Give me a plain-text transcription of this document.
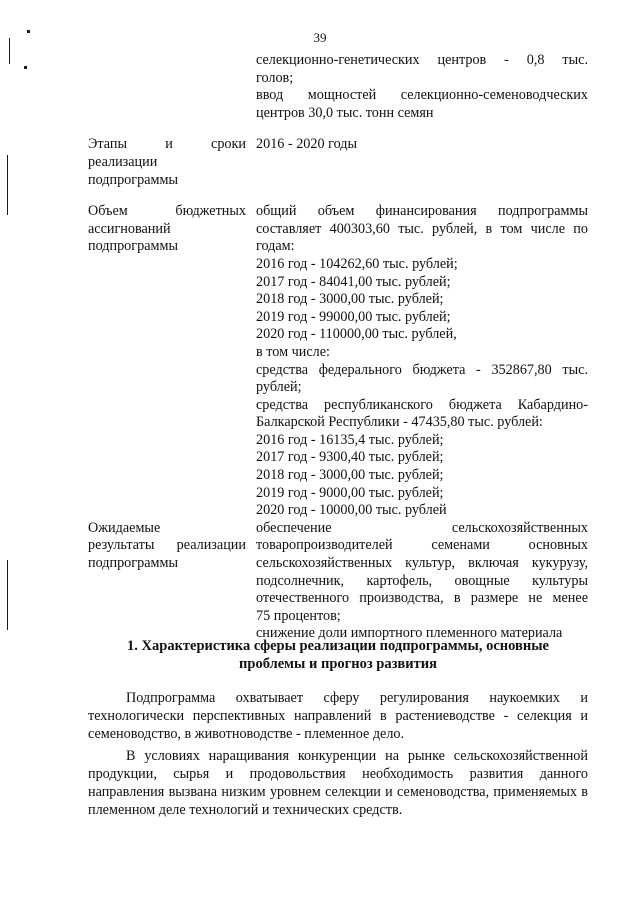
39

селекционно-генетических центров - 0,8 тыс.

голов;

ввод мощностей селекционно-семеноводческих

центров 30,0 тыс. тонн семян

Этапы и сроки
реализации
подпрограммы

2016 - 2020 годы

Объем бюджетных
ассигнований
подпрограммы

общий объем финансирования подпрограммы

составляет 400303,60 тыс. рублей, в том числе по

годам:

2016 год - 104262,60 тыс. рублей;

2017 год - 84041,00 тыс. рублей;

2018 год - 3000,00 тыс. рублей;

2019 год - 99000,00 тыс. рублей;

2020 год - 110000,00 тыс. рублей,

в том числе:

средства федерального бюджета - 352867,80 тыс.

рублей;

средства республиканского бюджета Кабардино-

Балкарской Республики - 47435,80 тыс. рублей:

2016 год - 16135,4 тыс. рублей;

2017 год - 9300,40 тыс. рублей;

2018 год - 3000,00 тыс. рублей;

2019 год - 9000,00 тыс. рублей;

2020 год - 10000,00 тыс. рублей

Ожидаемые
результаты реализации
подпрограммы

обеспечение сельскохозяйственных

товаропроизводителей семенами основных

сельскохозяйственных культур, включая кукурузу,

подсолнечник, картофель, овощные культуры

отечественного производства, в размере не менее

75 процентов;

снижение доли импортного племенного материала

1. Характеристика сферы реализации подпрограммы, основные
проблемы и прогноз развития

Подпрограмма охватывает сферу регулирования наукоемких и технологически перспективных направлений в растениеводстве - селекция и семеноводство, в животноводстве - племенное дело.

В условиях наращивания конкуренции на рынке сельскохозяйственной продукции, сырья и продовольствия необходимость развития данного направления вызвана низким уровнем селекции и семеноводства, применяемых в племенном деле технологий и технических средств.
